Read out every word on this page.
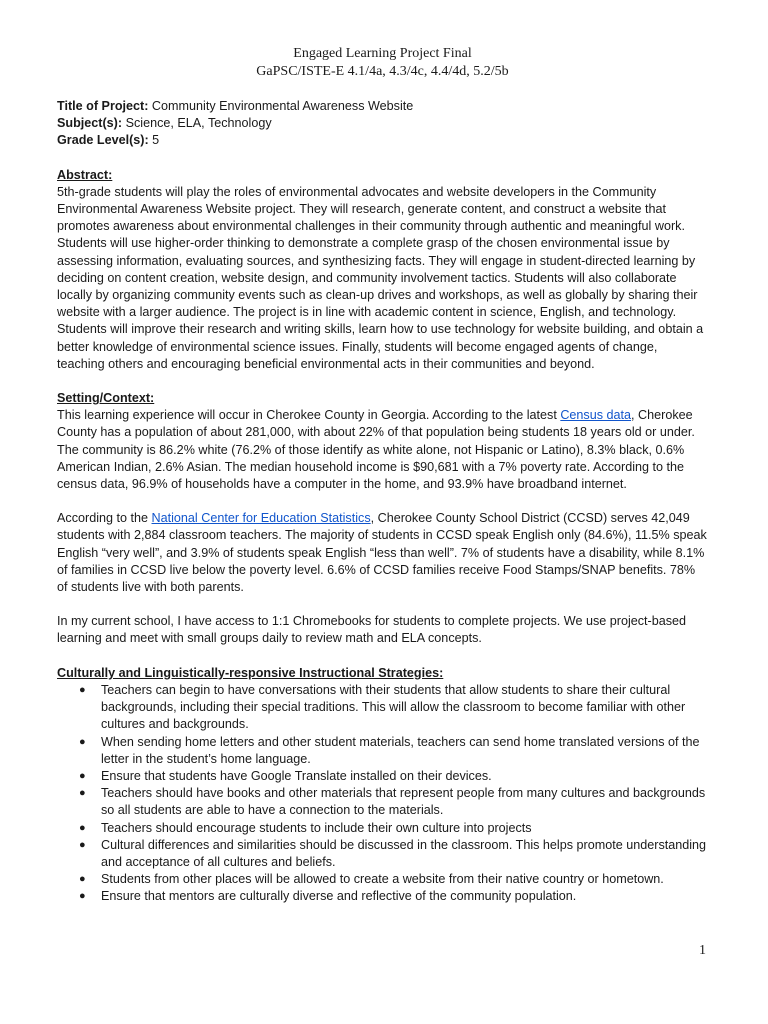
Engaged Learning Project Final

GaPSC/ISTE-E 4.1/4a, 4.3/4c, 4.4/4d, 5.2/5b

Title of Project: Community Environmental Awareness Website

Subject(s): Science, ELA, Technology

Grade Level(s): 5

Abstract:

5th-grade students will play the roles of environmental advocates and website developers in the Community Environmental Awareness Website project. They will research, generate content, and construct a website that promotes awareness about environmental challenges in their community through authentic and meaningful work. Students will use higher-order thinking to demonstrate a complete grasp of the chosen environmental issue by assessing information, evaluating sources, and synthesizing facts. They will engage in student-directed learning by deciding on content creation, website design, and community involvement tactics. Students will also collaborate locally by organizing community events such as clean-up drives and workshops, as well as globally by sharing their website with a larger audience. The project is in line with academic content in science, English, and technology. Students will improve their research and writing skills, learn how to use technology for website building, and obtain a better knowledge of environmental science issues. Finally, students will become engaged agents of change, teaching others and encouraging beneficial environmental acts in their communities and beyond.

Setting/Context:

This learning experience will occur in Cherokee County in Georgia. According to the latest Census data, Cherokee County has a population of about 281,000, with about 22% of that population being students 18 years old or under. The community is 86.2% white (76.2% of those identify as white alone, not Hispanic or Latino), 8.3% black, 0.6% American Indian, 2.6% Asian. The median household income is $90,681 with a 7% poverty rate. According to the census data, 96.9% of households have a computer in the home, and 93.9% have broadband internet.

According to the National Center for Education Statistics, Cherokee County School District (CCSD) serves 42,049 students with 2,884 classroom teachers. The majority of students in CCSD speak English only (84.6%), 11.5% speak English “very well”, and 3.9% of students speak English “less than well”. 7% of students have a disability, while 8.1% of families in CCSD live below the poverty level. 6.6% of CCSD families receive Food Stamps/SNAP benefits. 78% of students live with both parents.

In my current school, I have access to 1:1 Chromebooks for students to complete projects. We use project-based learning and meet with small groups daily to review math and ELA concepts.

Culturally and Linguistically-responsive Instructional Strategies:

● Teachers can begin to have conversations with their students that allow students to share their cultural backgrounds, including their special traditions. This will allow the classroom to become familiar with other cultures and backgrounds.
● When sending home letters and other student materials, teachers can send home translated versions of the letter in the student’s home language.
● Ensure that students have Google Translate installed on their devices.
● Teachers should have books and other materials that represent people from many cultures and backgrounds so all students are able to have a connection to the materials.
● Teachers should encourage students to include their own culture into projects
● Cultural differences and similarities should be discussed in the classroom. This helps promote understanding and acceptance of all cultures and beliefs.
● Students from other places will be allowed to create a website from their native country or hometown.
● Ensure that mentors are culturally diverse and reflective of the community population.
1
